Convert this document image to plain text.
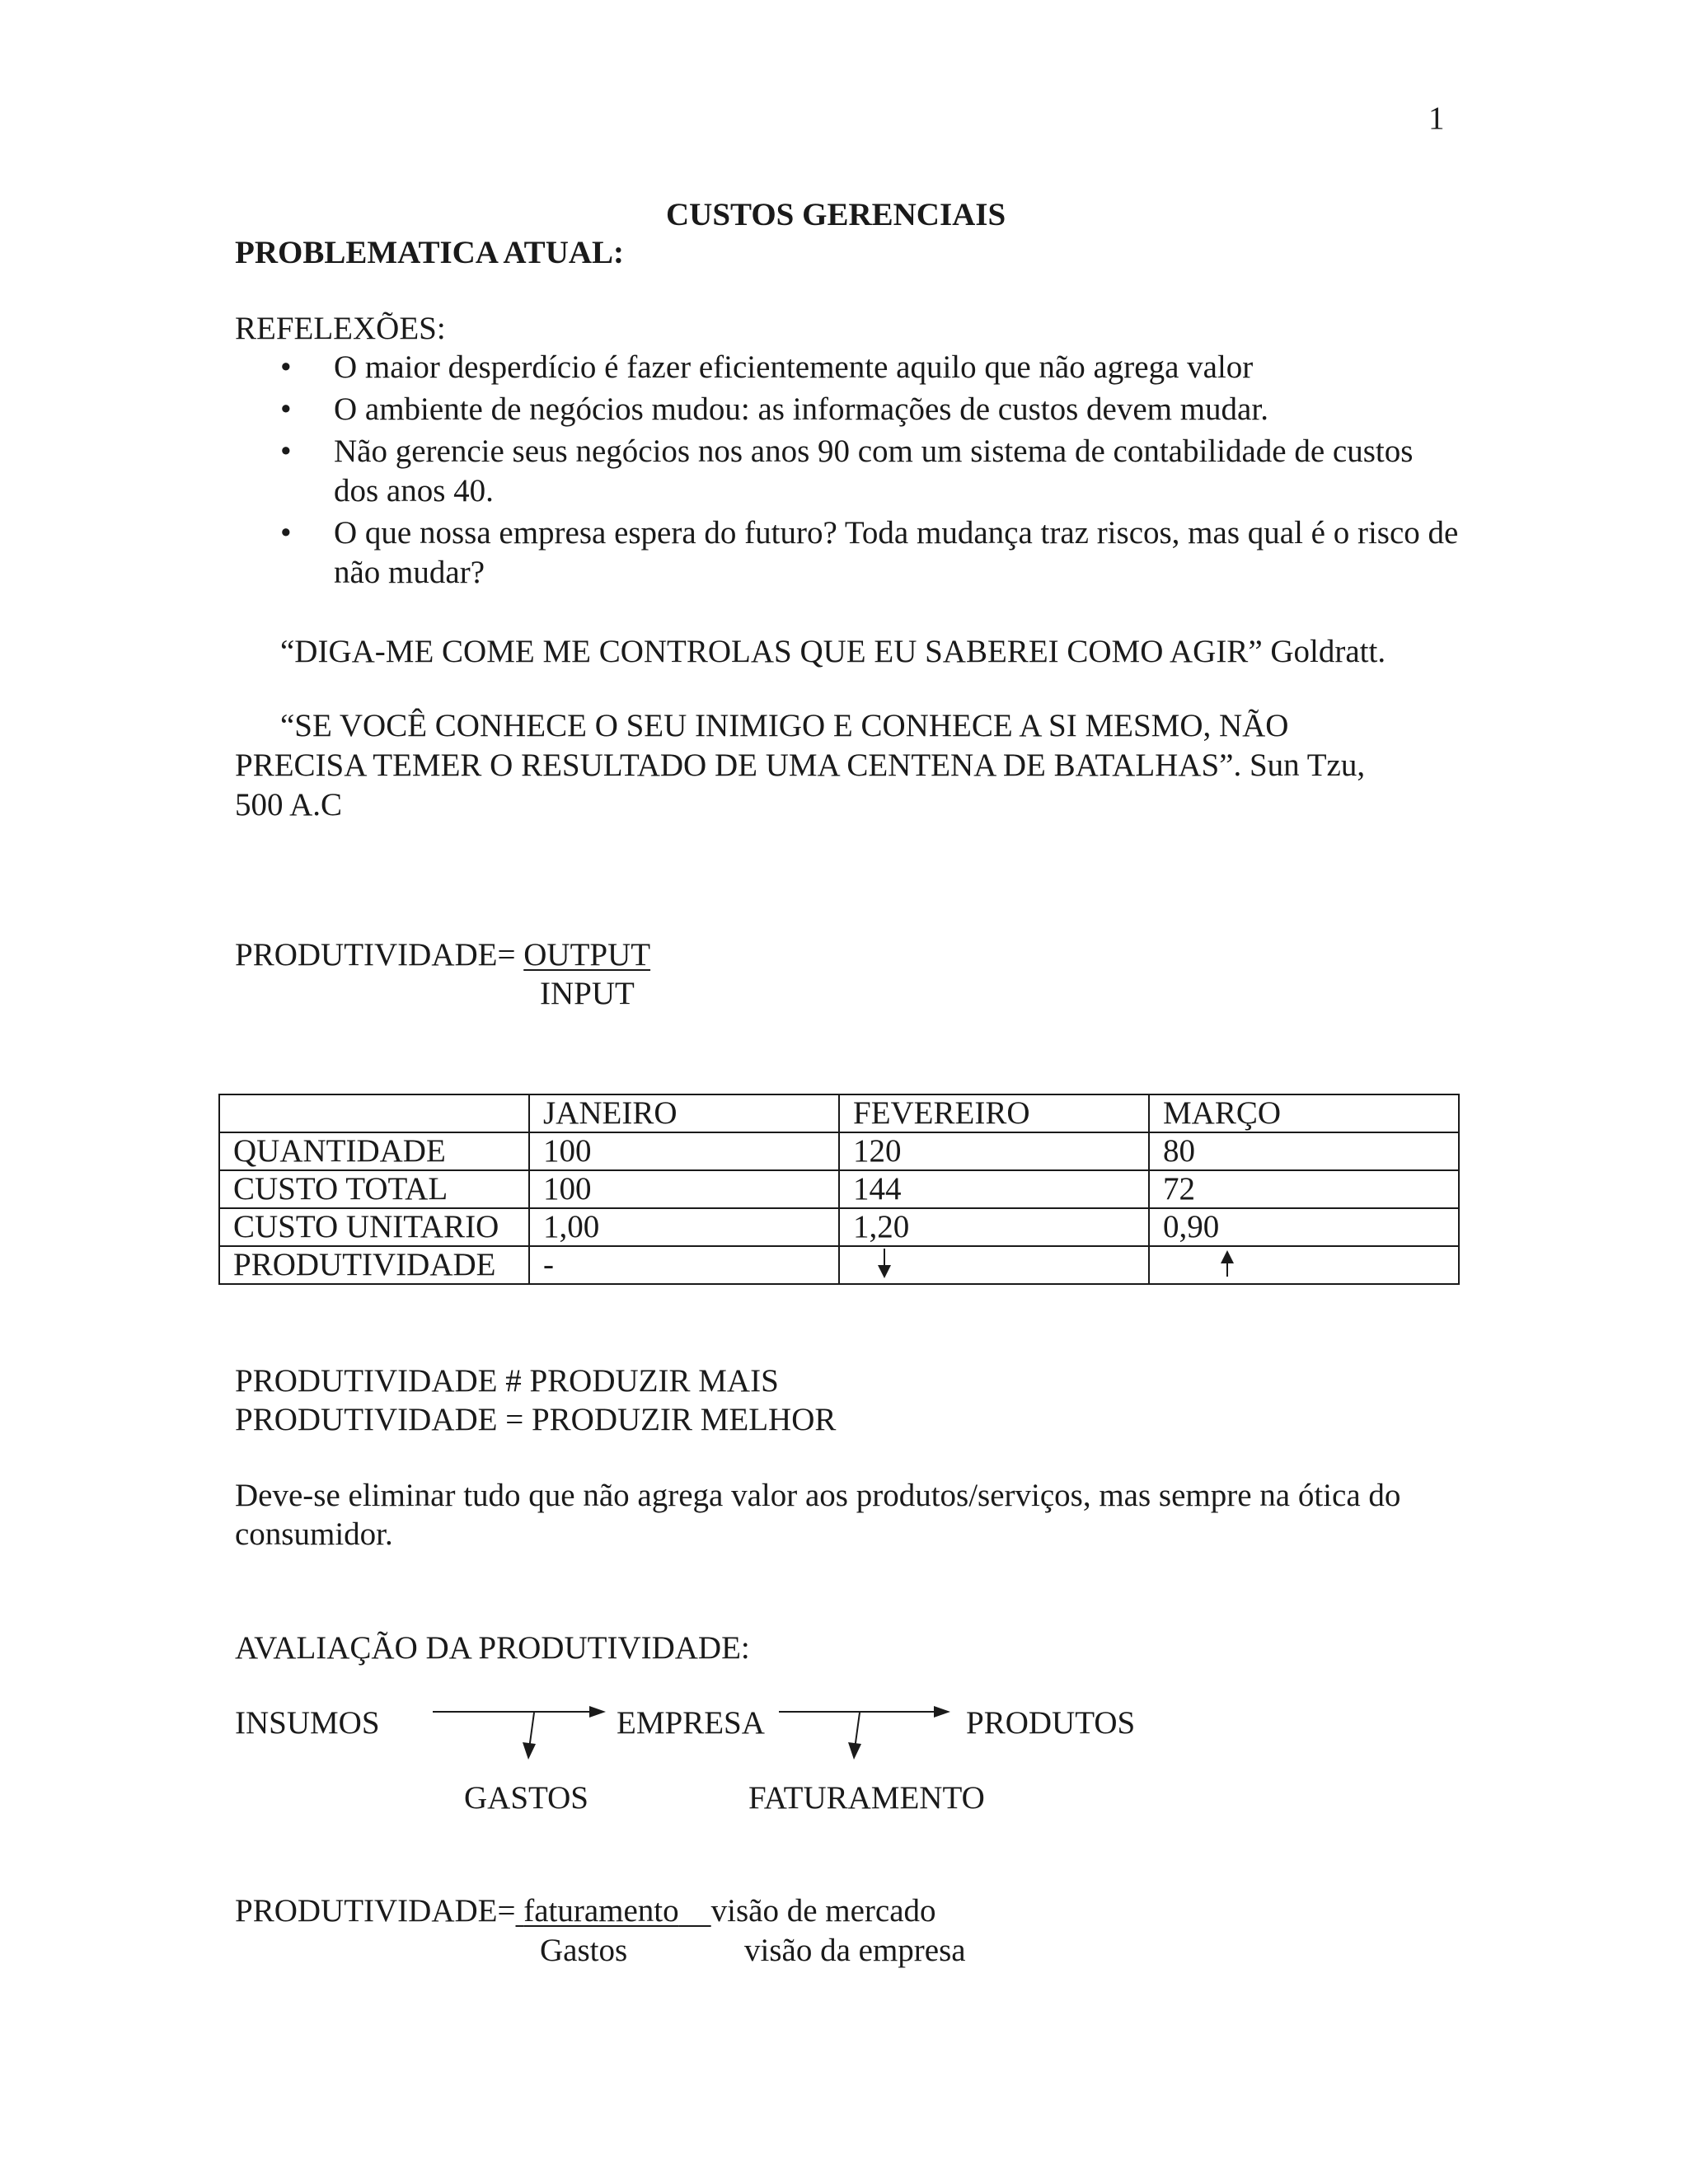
1
CUSTOS GERENCIAIS
PROBLEMATICA ATUAL:
REFELEXÕES:
• O maior desperdício é fazer eficientemente aquilo que não agrega valor
• O ambiente de negócios mudou: as informações de custos devem mudar.
• Não gerencie seus negócios nos anos 90 com um sistema de contabilidade de custos dos anos 40.
• O que nossa empresa espera do futuro? Toda mudança traz riscos, mas qual é o risco de não mudar?
“DIGA-ME COME ME CONTROLAS QUE EU SABEREI COMO AGIR” Goldratt.
“SE VOCÊ CONHECE O SEU INIMIGO E CONHECE A SI MESMO, NÃO
PRECISA TEMER O RESULTADO DE UMA CENTENA DE BATALHAS”. Sun Tzu,
500 A.C
PRODUTIVIDADE= OUTPUT
INPUT
	JANEIRO	FEVEREIRO	MARÇO
QUANTIDADE	100	120	80
CUSTO TOTAL	100	144	72
CUSTO UNITARIO	1,00	1,20	0,90
PRODUTIVIDADE	-	

PRODUTIVIDADE # PRODUZIR MAIS
PRODUTIVIDADE = PRODUZIR MELHOR
Deve-se eliminar tudo que não agrega valor aos produtos/serviços, mas sempre na ótica do
consumidor.
AVALIAÇÃO DA PRODUTIVIDADE:
INSUMOS	EMPRESA	PRODUTOS
GASTOS	FATURAMENTO
PRODUTIVIDADE= faturamento visão de mercado
Gastos	visão da empresa
